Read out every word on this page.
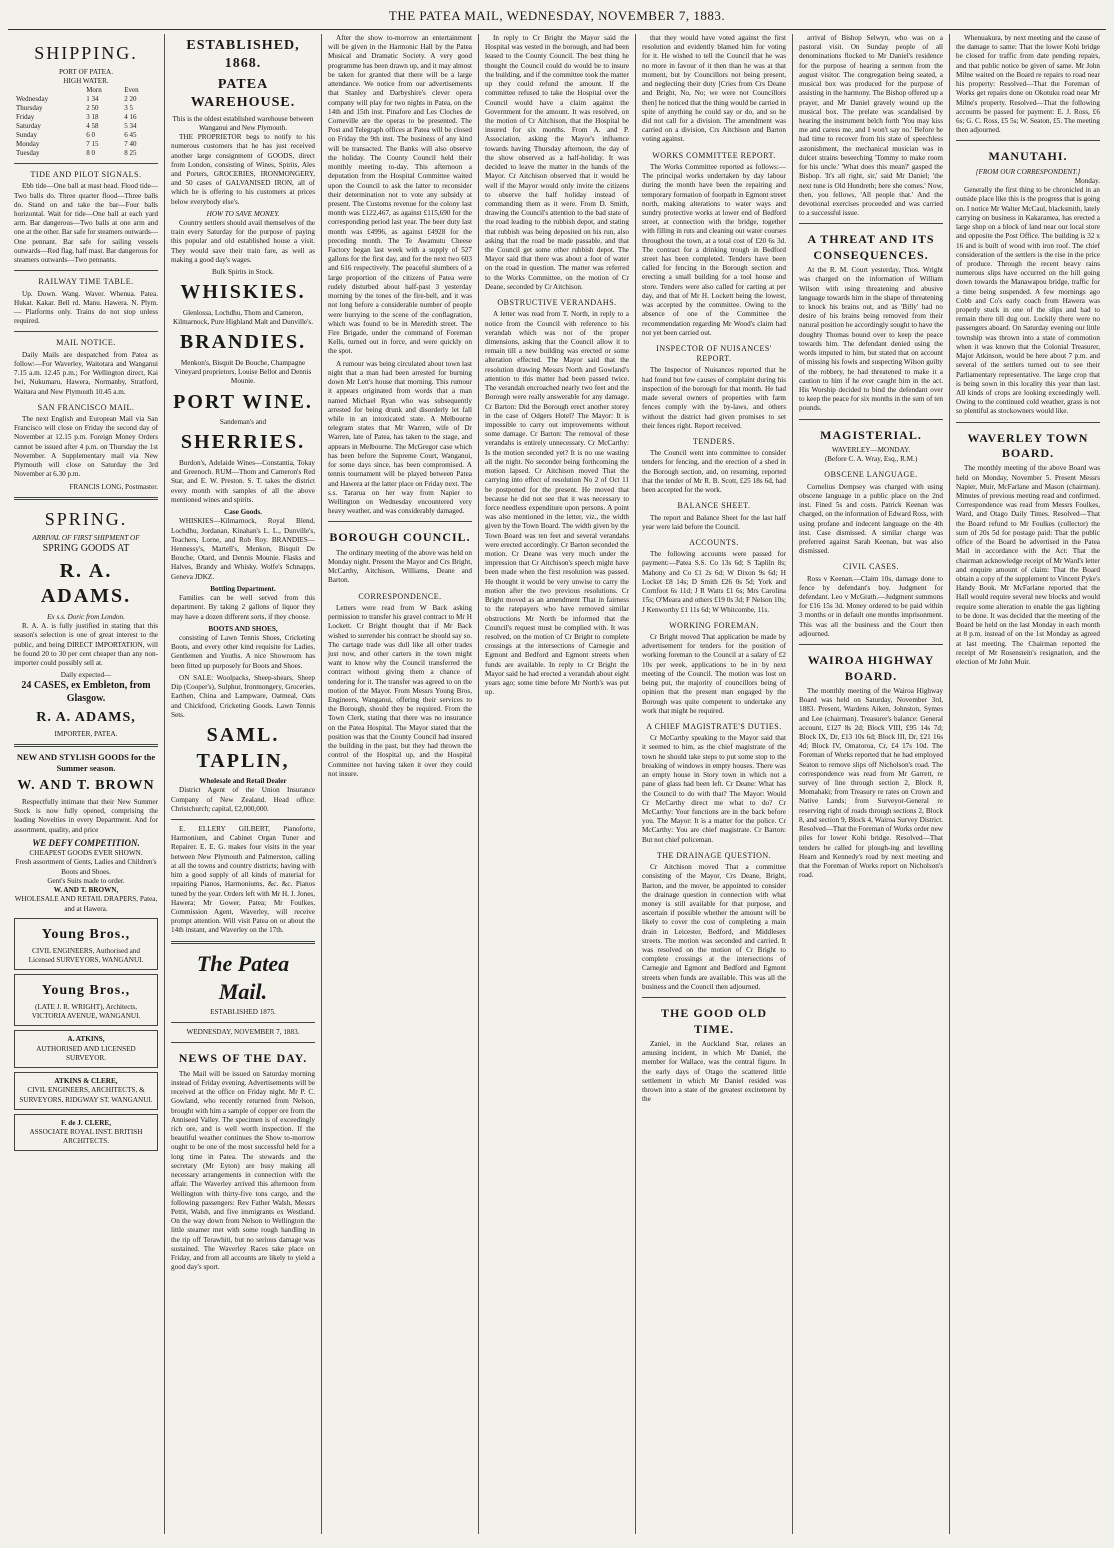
THE PATEA MAIL, WEDNESDAY, NOVEMBER 7, 1883.
SHIPPING.
PORT OF PATEA.
HIGH WATER.
	Morn	Even
Wednesday	1 34	2 20
Thursday	2 50	3 5
Friday	3 18	4 16
Saturday	4 58	5 34
Sunday	6 0	6 45
Monday	7 15	7 40
Tuesday	8 0	8 25
TIDE AND PILOT SIGNALS.

Ebb tide—One ball at mast head. Flood tide—Two balls do. Three quarter flood—Three balls do. Stand on and take the bar—Four balls horizontal. Wait for tide—One ball at each yard arm. Bar dangerous—Two balls at one arm and one at the other. Bar safe for steamers outwards—One pennant. Bar safe for sailing vessels outwards—Red flag, half mast. Bar dangerous for steamers outwards—Two pennants.

RAILWAY TIME TABLE.

Up. Down. Wang. Waver. Whenua. Patea. Hukat. Kakar. Bell rd. Manu. Hawera. N. Plym. — Platforms only. Trains do not stop unless required.

MAIL NOTICE.

Daily Mails are despatched from Patea as follow:—For Waverley, Waitotara and Wanganui 7.15 a.m. 12.45 p.m.; For Wellington direct, Kai Iwi, Nukumaru, Hawera, Normanby, Stratford, Waitara and New Plymouth 10.45 a.m.

SAN FRANCISCO MAIL.

The next English and European Mail via San Francisco will close on Friday the second day of November at 12.15 p.m. Foreign Money Orders cannot be issued after 4 p.m. on Thursday the 1st November. A Supplementary mail via New Plymouth will close on Saturday the 3rd November at 6.30 p.m.

FRANCIS LONG, Postmaster.
SPRING.
ARRIVAL OF FIRST SHIPMENT OF
SPRING GOODS AT
R. A. ADAMS.
Ex s.s. Doric from London.

R. A. A. is fully justified in stating that this season's selection is one of great interest to the public, and being DIRECT IMPORTATION, will be found 20 to 30 per cent cheaper than any non-importer could possibly sell at.

Daily expected—
24 CASES, ex Embleton, from Glasgow.
R. A. ADAMS,
IMPORTER, PATEA.
NEW AND STYLISH GOODS for the Summer season.
W. AND T. BROWN

Respectfully intimate that their New Summer Stock is now fully opened, comprising the leading Novelties in every Department. And for assortment, quality, and price

WE DEFY COMPETITION.
CHEAPEST GOODS EVER SHOWN.
Fresh assortment of Gents, Ladies and Children's Boots and Shoes.
Gent's Suits made to order.
W. AND T. BROWN,
WHOLESALE AND RETAIL DRAPERS, Patea, and at Hawera.
Young Bros.,
CIVIL ENGINEERS, Authorised and Licensed SURVEYORS, WANGANUI.
Young Bros.,
(LATE J. R. WRIGHT), Architects, VICTORIA AVENUE, WANGANUI.
A. ATKINS,
AUTHORISED AND LICENSED SURVEYOR.
ATKINS & CLERE,
CIVIL ENGINEERS, ARCHITECTS, & SURVEYORS, RIDGWAY ST. WANGANUI.
F. de J. CLERE,
ASSOCIATE ROYAL INST. BRITISH ARCHITECTS.
ESTABLISHED, 1868.
PATEA WAREHOUSE.
This is the oldest established warehouse between Wanganui and New Plymouth.

THE PROPRIETOR begs to notify to his numerous customers that he has just received another large consignment of GOODS, direct from London, consisting of Wines, Spirits, Ales and Porters, GROCERIES, IRONMONGERY, and 50 cases of GALVANISED IRON, all of which he is offering to his customers at prices below everybody else's.

HOW TO SAVE MONEY.

Country settlers should avail themselves of the train every Saturday for the purpose of paying this popular and old established house a visit. They would save their train fare, as well as making a good day's wages.

Bulk Spirits in Stock.
WHISKIES.
Glenlossa, Lochdhu, Thom and Cameron, Kilmarnock, Pure Highland Malt and Dunville's.
BRANDIES.
Menkon's, Bisquit De Bouche, Champagne Vineyard proprietors, Louise Bellot and Dennis Mounie.
PORT WINE.
Sandeman's and
SHERRIES.

Burdon's, Adelaide Wines—Constantia, Tokay and Greenoch. RUM—Thom and Cameron's Red Star, and E. W. Preston. S. T. takes the district every month with samples of all the above mentioned wines and spirits.

Case Goods.

WHISKIES—Kilmarnock, Royal Blend, Lochdhu, Jordanan, Kinahan's L. L., Dunville's, Teachers, Lorne, and Rob Roy. BRANDIES—Hennessy's, Martell's, Menkon, Bisquit De Bouche, Otard, and Dennis Mounie. Flasks and Halves, Brandy and Whisky. Wolfe's Schnapps, Geneva JDKZ.

Bottling Department.

Families can be well served from this department. By taking 2 gallons of liquor they may have a dozen different sorts, if they choose.

BOOTS AND SHOES,

consisting of Lawn Tennis Shoes, Cricketing Boots, and every other kind requisite for Ladies, Gentlemen and Youths. A nice Showroom has been fitted up purposely for Boots and Shoes.

ON SALE: Woolpacks, Sheep-shears, Sheep Dip (Cooper's), Sulphur, Ironmongery, Groceries, Earthen, China and Lampware, Oatmeal, Oats and Chickfood, Cricketing Goods. Lawn Tennis Sets.

SAML. TAPLIN,
Wholesale and Retail Dealer

District Agent of the Union Insurance Company of New Zealand. Head office: Christchurch; capital, £2,000,000.

E. ELLERY GILBERT, Pianoforte, Harmonium, and Cabinet Organ Tuner and Repairer. E. E. G. makes four visits in the year between New Plymouth and Palmerston, calling at all the towns and country districts; having with him a good supply of all kinds of material for repairing Pianos, Harmoniums, &c. &c. Pianos tuned by the year. Orders left with Mr H. J. Jones, Hawera; Mr Gower, Patea; Mr Foulkes, Commission Agent, Waverley, will receive prompt attention. Will visit Patea on or about the 14th instant, and Waverley on the 17th.

The Patea Mail.
ESTABLISHED 1875.
WEDNESDAY, NOVEMBER 7, 1883.
NEWS OF THE DAY.

The Mail will be issued on Saturday morning instead of Friday evening. Advertisements will be received at the office on Friday night. Mr P. C. Gowland, who recently returned from Nelson, brought with him a sample of copper ore from the Anniseed Valley. The specimen is of exceedingly rich ore, and is well worth inspection. If the beautiful weather continues the Show to-morrow ought to be one of the most successful held for a long time in Patea. The stewards and the secretary (Mr Eyton) are busy making all necessary arrangements in connection with the affair. The Waverley arrived this afternoon from Wellington with thirty-five tons cargo, and the following passengers: Rev Father Walsh, Messrs Pettit, Walsh, and five immigrants ex Westland. On the way down from Nelson to Wellington the little steamer met with some rough handling in the rip off Terawhiti, but no serious damage was sustained. The Waverley Races take place on Friday, and from all accounts are likely to yield a good day's sport.

After the show to-morrow an entertainment will be given in the Harmonic Hall by the Patea Musical and Dramatic Society. A very good programme has been drawn up, and it may almost be taken for granted that there will be a large attendance. We notice from our advertisements that Stanley and Darbyshire's clever opera company will play for two nights in Patea, on the 14th and 15th inst. Pinafore and Les Cloches de Corneville are the operas to be presented. The Post and Telegraph offices at Patea will be closed on Friday the 9th inst. The business of any kind will be transacted. The Banks will also observe the holiday. The County Council held their monthly meeting to-day. This afternoon a deputation from the Hospital Committee waited upon the Council to ask the latter to reconsider their determination not to vote any subsidy at present. The Customs revenue for the colony last month was £122,467, as against £115,690 for the corresponding period last year. The beer duty last month was £4996, as against £4928 for the preceding month. The Te Awamutu Cheese Factory began last week with a supply of 527 gallons for the first day, and for the next two 603 and 616 respectively. The peaceful slumbers of a large proportion of the citizens of Patea were rudely disturbed about half-past 3 yesterday morning by the tones of the fire-bell, and it was not long before a considerable number of people were hurrying to the scene of the conflagration, which was found to be in Meredith street. The Fire Brigade, under the command of Foreman Kells, turned out in force, and were quickly on the spot.

A rumour was being circulated about town last night that a man had been arrested for burning down Mr Lett's house that morning. This rumour it appears originated from words that a man named Michael Ryan who was subsequently arrested for being drunk and disorderly let fall while in an intoxicated state. A Melbourne telegram states that Mr Warren, wife of Dr Warren, late of Patea, has taken to the stage, and appears in Melbourne. The McGregor case which has been before the Supreme Court, Wanganui, for some days since, has been compromised. A tennis tournament will be played between Patea and Hawera at the latter place on Friday next. The s.s. Tararua on her way from Napier to Wellington on Wednesday encountered very heavy weather, and was considerably damaged.

BOROUGH COUNCIL.

The ordinary meeting of the above was held on Monday night. Present the Mayor and Crs Bright, McCarthy, Aitchison, Williams, Deane and Barton.

CORRESPONDENCE.

Letters were read from W Back asking permission to transfer his gravel contract to Mr H Lockett. Cr Bright thought that if Mr Back wished to surrender his contract he should say so. The cartage trade was dull like all other trades just now, and other carters in the town might want to know why the Council transferred the contract without giving them a chance of tendering for it. The transfer was agreed to on the motion of the Mayor. From Messrs Young Bros, Engineers, Wanganui, offering their services to the Borough, should they be required. From the Town Clerk, stating that there was no insurance on the Patea Hospital. The Mayor stated that the position was that the County Council had insured the building in the past, but they had thrown the control of the Hospital up, and the Hospital Committee not having taken it over they could not insure.

In reply to Cr Bright the Mayor said the Hospital was vested in the borough, and had been leased to the County Council. The best thing he thought the Council could do would be to insure the building, and if the committee took the matter up they could refund the amount. If the committee refused to take the Hospital over the Council would have a claim against the Government for the amount. It was resolved, on the motion of Cr Aitchison, that the Hospital be insured for six months. From A. and P. Association, asking the Mayor's influence towards having Thursday afternoon, the day of the show observed as a half-holiday. It was decided to leave the matter in the hands of the Mayor. Cr Aitchison observed that it would be well if the Mayor would only invite the citizens to observe the half holiday instead of commanding them as it were. From D. Smith, drawing the Council's attention to the bad state of the road leading to the rubbish depot, and stating that rubbish was being deposited on his run, also asking that the road be made passable, and that the Council get some other rubbish depot. The Mayor said that there was about a foot of water on the road in question. The matter was referred to the Works Committee, on the motion of Cr Deane, seconded by Cr Aitchison.

OBSTRUCTIVE VERANDAHS.

A letter was read from T. North, in reply to a notice from the Council with reference to his verandah which was not of the proper dimensions, asking that the Council allow it to remain till a new building was erected or some alteration effected. The Mayor said that the resolution drawing Messrs North and Gowland's attention to this matter had been passed twice. The verandah encroached nearly two feet and the Borough were really answerable for any damage. Cr Barton: Did the Borough erect another storey in the case of Odgers Hotel? The Mayor: It is impossible to carry out improvements without some damage. Cr Barton: The removal of these verandahs is entirely unnecessary. Cr McCarthy: Is the motion seconded yet? It is no use wasting all the night. No seconder being forthcoming the motion lapsed. Cr Aitchison moved That the carrying into effect of resolution No 2 of Oct 11 be postponed for the present. He moved that because he did not see that it was necessary to force needless expenditure upon persons. A point was also mentioned in the letter, viz., the width given by the Town Board. The width given by the Town Board was ten feet and several verandahs were erected accordingly. Cr Barton seconded the motion. Cr Deane was very much under the impression that Cr Aitchison's speech might have been made when the first resolution was passed. He thought it would be very unwise to carry the motion after the two previous resolutions. Cr Bright moved as an amendment That in fairness to the ratepayers who have removed similar obstructions Mr North be informed that the Council's request must be complied with. It was resolved, on the motion of Cr Bright to complete crossings at the intersections of Carnegie and Egmont and Bedford and Egmont streets when funds are available. In reply to Cr Bright the Mayor said he had erected a verandah about eight years ago; some time before Mr North's was put up.

that they would have voted against the first resolution and evidently blamed him for voting for it. He wished to tell the Council that he was no more in favour of it then than he was at that moment, but by Councillors not being present, and neglecting their duty [Cries from Crs Deane and Bright, No, No; we were not Councillors then] he noticed that the thing would be carried in spite of anything he could say or do, and so he did not call for a division. The amendment was carried on a division, Crs Aitchison and Barton voting against.

WORKS COMMITTEE REPORT.

The Works Committee reported as follows:—The principal works undertaken by day labour during the month have been the repairing and temporary formation of footpath in Egmont street north, making alterations to water ways and sundry protective works at lower end of Bedford street, at connection with the bridge, together with filling in ruts and cleaning out water courses throughout the town, at a total cost of £20 6s 3d. The contract for a drinking trough in Bedford street has been completed. Tenders have been called for fencing in the Borough section and erecting a small building for a tool house and store. Tenders were also called for carting at per day, and that of Mr H. Lockett being the lowest, was accepted by the committee. Owing to the absence of one of the Committee the recommendation regarding Mr Wood's claim had not yet been carried out.

INSPECTOR OF NUISANCES' REPORT.

The Inspector of Nuisances reported that he had found but few causes of complaint during his inspection of the borough for that month. He had made several owners of properties with farm fences comply with the by-laws, and others without the district had given promises to set their fences right. Report received.

TENDERS.

The Council went into committee to consider tenders for fencing, and the erection of a shed in the Borough section, and, on resuming, reported that the tender of Mr R. B. Scott, £25 18s 6d, had been accepted for the work.

BALANCE SHEET.

The report and Balance Sheet for the last half year were laid before the Council.

ACCOUNTS.

The following accounts were passed for payment:—Patea S.S. Co 13s 6d; S Tapliln 8s; Mahony and Co £1 2s 6d; W Dixon 9s 6d; H Locket £8 14s; D Smith £26 0s 5d; York and Cornfoot 6s 11d; J R Watts £1 6s; Mrs Carolina 15s; O'Meara and others £19 0s 3d; F Nelson 10s; J Kenworthy £1 11s 6d; W Whitcombe, 11s.

WORKING FOREMAN.

Cr Bright moved That application be made by advertisement for tenders for the position of working foreman to the Council at a salary of £2 10s per week, applications to be in by next meeting of the Council. The motion was lost on being put, the majority of councillors being of opinion that the present man engaged by the Borough was quite competent to undertake any work that might be required.

A CHIEF MAGISTRATE'S DUTIES.

Cr McCarthy speaking to the Mayor said that it seemed to him, as the chief magistrate of the town he should take steps to put some stop to the breaking of windows in empty houses. There was an empty house in Story town in which not a pane of glass had been left. Cr Deane: What has the Council to do with that? The Mayor: Would Cr McCarthy direct me what to do? Cr McCarthy: Your functions are in the back before you. The Mayor: It is a matter for the police. Cr McCarthy: You are chief magistrate. Cr Barton: But not chief policeman.

THE DRAINAGE QUESTION.

Cr Aitchison moved That a committee consisting of the Mayor, Crs Deane, Bright, Barton, and the mover, be appointed to consider the drainage question in connection with what money is still available for that purpose, and ascertain if possible whether the amount will be likely to cover the cost of completing a main drain in Leicester, Bedford, and Middlesex streets. The motion was seconded and carried. It was resolved on the motion of Cr Bright to complete crossings at the intersections of Carnegie and Egmont and Bedford and Egmont streets when funds are available. This was all the business and the Council then adjourned.

THE GOOD OLD TIME.

Zaniel, in the Auckland Star, relates an amusing incident, in which Mr Daniel, the member for Wallace, was the central figure. In the early days of Otago the scattered little settlement in which Mr Daniel resided was thrown into a state of the greatest excitement by the

arrival of Bishop Selwyn, who was on a pastoral visit. On Sunday people of all denominations flocked to Mr Daniel's residence for the purpose of hearing a sermon from the august visitor. The congregation being seated, a musical box was produced for the purpose of assisting in the harmony. The Bishop offered up a prayer, and Mr Daniel gravely wound up the musical box. The prelate was scandalised by hearing the instrument belch forth 'You may kiss me and caress me, and I won't say no.' Before he had time to recover from his state of speechless astonishment, the mechanical musician was in dulcet strains beseeching 'Tommy to make room for his uncle.' 'What does this mean?' gasped the Bishop. 'It's all right, sir,' said Mr Daniel; 'the next tune is Old Hundreth; here she comes.' Now, then, you fellows, 'All people that.' And the devotional exercises proceeded and was carried to a successful issue.

A THREAT AND ITS CONSEQUENCES.

At the R. M. Court yesterday, Thos. Wright was charged on the information of William Wilson with using threatening and abusive language towards him in the shape of threatening to knock his brains out, and as 'Billy' had no desire of his brains being removed from their natural position he accordingly sought to have the doughty Thomas bound over to keep the peace towards him. The defendant denied using the words imputed to him, but stated that on account of missing his fowls and suspecting Wilson guilty of the robbery, he had threatened to make it a caution to him if he ever caught him in the act. His Worship decided to bind the defendant over to keep the peace for six months in the sum of ten pounds.

MAGISTERIAL.
WAVERLEY—MONDAY.
(Before C. A. Wray, Esq., R.M.)
OBSCENE LANGUAGE.

Cornelius Dempsey was charged with using obscene language in a public place on the 2nd inst. Fined 5s and costs. Patrick Keenan was charged, on the information of Edward Ross, with using profane and indecent language on the 4th inst. Case dismissed. A similar charge was preferred against Sarah Keenan, but was also dismissed.

CIVIL CASES.

Ross v Keenan.—Claim 10s, damage done to fence by defendant's boy. Judgment for defendant. Leo v McGrath.—Judgment summons for £16 15s 3d. Money ordered to be paid within 3 months or in default one months imprisonment. This was all the business and the Court then adjourned.

WAIROA HIGHWAY BOARD.

The monthly meeting of the Wairoa Highway Board was held on Saturday, November 3rd, 1883. Present, Wardens Aiken, Johnston, Symes and Lee (chairman). Treasurer's balance: General account, £127 8s 2d; Block VIII, £95 14s 7d; Block IX, Dr, £13 10s 6d; Block III, Dr, £21 16s 4d; Block IV, Omatoroa, Cr, £4 17s 10d. The Foreman of Works reported that he had employed Seaton to remove slips off Nicholson's road. The correspondence was read from Mr Garrett, re survey of line through section 2, Block 8, Momahaki; from Treasury re rates on Crown and Native Lands; from Surveyor-General re reserving right of roads through sections 2, Block 8, and section 9, Block 4, Wairoa Survey District. Resolved—That the Foreman of Works order new piles for lower Kohi bridge. Resolved—That tenders be called for plough-ing and levelling Hearn and Kennedy's road by next meeting and that the Foreman of Works report on Nicholson's road.

Whenuakura, by next meeting and the cause of the damage to same: That the lower Kohi bridge be closed for traffic from date pending repairs, and that public notice be given of same. Mr John Milne waited on the Board re repairs to road near his property: Resolved—That the Foreman of Works get repairs done on Okotuku road near Mr Milne's property. Resolved—That the following accounts be passed for payment: E. J. Ross, £6 6s; G. C. Ross, £5 5s; W. Seaton, £5. The meeting then adjourned.

MANUTAHI.
[FROM OUR CORRESPONDENT.]
Monday.

Generally the first thing to be chronicled in an outside place like this is the progress that is going on. I notice Mr Walter McCaul, blacksmith, lately carrying on business in Kakaramea, has erected a large shop on a block of land near our local store and opposite the Post Office. The building is 32 x 16 and is built of wood with iron roof. The chief consideration of the settlers is the rise in the price of produce. Through the recent heavy rains numerous slips have occurred on the hill going down towards the Manawapou bridge, traffic for a time being suspended. A few mornings ago Cobb and Co's early coach from Hawera was properly stuck in one of the slips and had to remain there till dug out. Luckily there were no passengers aboard. On Saturday evening our little township was thrown into a state of commotion when it was known that the Colonial Treasurer, Major Atkinson, would be here about 7 p.m. and several of the settlers turned out to see their Parliamentary representative. The large crop that is being sown in this locality this year than last. All kinds of crops are looking exceedingly well. Owing to the continued cold weather, grass is not so plentiful as stockowners would like.

WAVERLEY TOWN BOARD.

The monthly meeting of the above Board was held on Monday, November 5. Present Messrs Napier, Muir, McFarlane and Mason (chairman). Minutes of previous meeting read and confirmed. Correspondence was read from Messrs Foulkes, Ward, and Otago Daily Times. Resolved—That the Board refund to Mr Foulkes (collector) the sum of 20s 5d for postage paid: That the public office of the Board be advertised in the Patea Mail in accordance with the Act: That the chairman acknowledge receipt of Mr Ward's letter and enquire amount of claim: That the Board obtain a copy of the supplement to Vincent Pyke's Handy Book. Mr McFarlane reported that the Hall would require several new blocks and would require some alteration to enable the gas lighting to be done. It was decided that the meeting of the Board be held on the last Monday in each month at 8 p.m. instead of on the 1st Monday as agreed at last meeting. The Chairman reported the receipt of Mr Rosenstein's resignation, and the election of Mr John Muir.
